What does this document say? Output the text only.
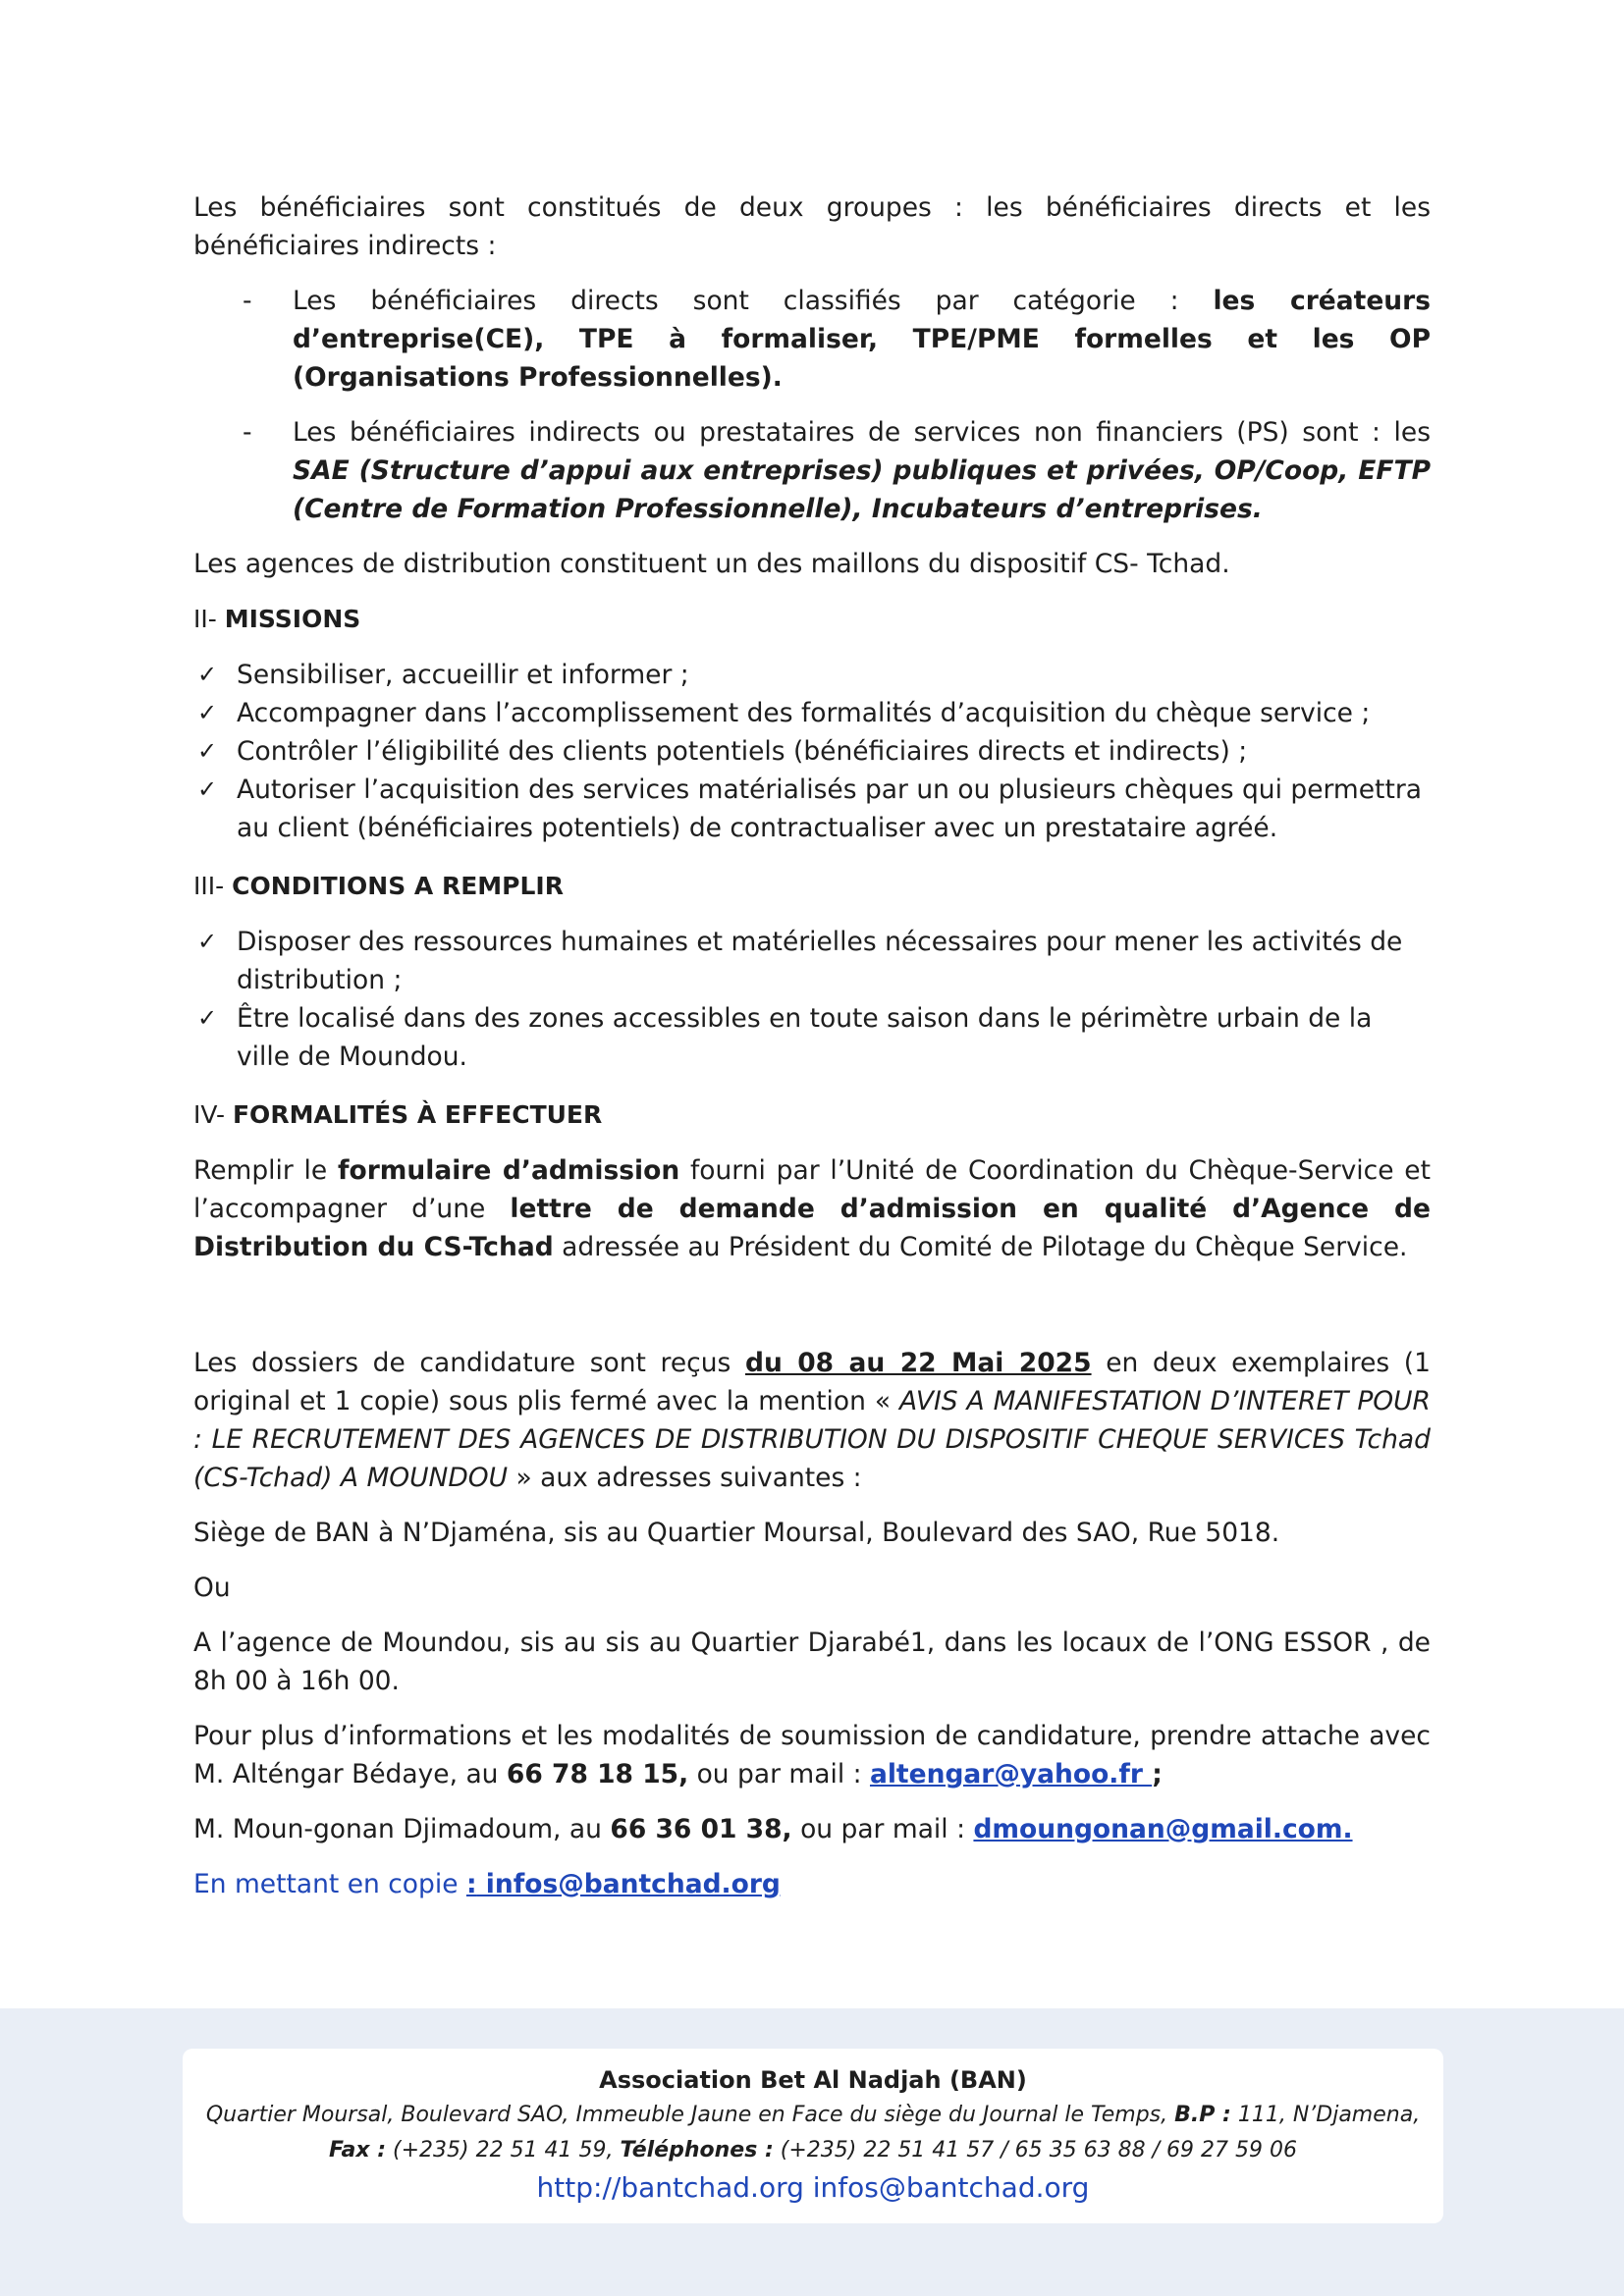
Les bénéficiaires sont constitués de deux groupes : les bénéficiaires directs et les bénéficiaires indirects :

- Les bénéficiaires directs sont classifiés par catégorie : les créateurs d’entreprise(CE), TPE à formaliser, TPE/PME formelles et les OP (Organisations Professionnelles).
- Les bénéficiaires indirects ou prestataires de services non financiers (PS) sont : les SAE (Structure d’appui aux entreprises) publiques et privées, OP/Coop, EFTP (Centre de Formation Professionnelle), Incubateurs d’entreprises.

Les agences de distribution constituent un des maillons du dispositif CS- Tchad.

II- MISSIONS

✓ Sensibiliser, accueillir et informer ;
✓ Accompagner dans l’accomplissement des formalités d’acquisition du chèque service ;
✓ Contrôler l’éligibilité des clients potentiels (bénéficiaires directs et indirects) ;
✓ Autoriser l’acquisition des services matérialisés par un ou plusieurs chèques qui permettra au client (bénéficiaires potentiels) de contractualiser avec un prestataire agréé.

III- CONDITIONS A REMPLIR

✓ Disposer des ressources humaines et matérielles nécessaires pour mener les activités de distribution ;
✓ Être localisé dans des zones accessibles en toute saison dans le périmètre urbain de la ville de Moundou.

IV- FORMALITÉS À EFFECTUER

Remplir le formulaire d’admission fourni par l’Unité de Coordination du Chèque-Service et l’accompagner d’une lettre de demande d’admission en qualité d’Agence de Distribution du CS-Tchad adressée au Président du Comité de Pilotage du Chèque Service.

Les dossiers de candidature sont reçus du 08 au 22 Mai 2025 en deux exemplaires (1 original et 1 copie) sous plis fermé avec la mention « AVIS A MANIFESTATION D’INTERET POUR : LE RECRUTEMENT DES AGENCES DE DISTRIBUTION DU DISPOSITIF CHEQUE SERVICES Tchad (CS-Tchad) A MOUNDOU » aux adresses suivantes :

Siège de BAN à N’Djaména, sis au Quartier Moursal, Boulevard des SAO, Rue 5018.

Ou

A l’agence de Moundou, sis au sis au Quartier Djarabé1, dans les locaux de l’ONG ESSOR , de 8h 00 à 16h 00.

Pour plus d’informations et les modalités de soumission de candidature, prendre attache avec M. Alténgar Bédaye, au 66 78 18 15, ou par mail : altengar@yahoo.fr ;

M. Moun-gonan Djimadoum, au 66 36 01 38, ou par mail : dmoungonan@gmail.com.

En mettant en copie : infos@bantchad.org

Association Bet Al Nadjah (BAN)
Quartier Moursal, Boulevard SAO, Immeuble Jaune en Face du siège du Journal le Temps, B.P : 111, N’Djamena,
Fax : (+235) 22 51 41 59, Téléphones : (+235) 22 51 41 57 / 65 35 63 88 / 69 27 59 06
http://bantchad.org infos@bantchad.org
